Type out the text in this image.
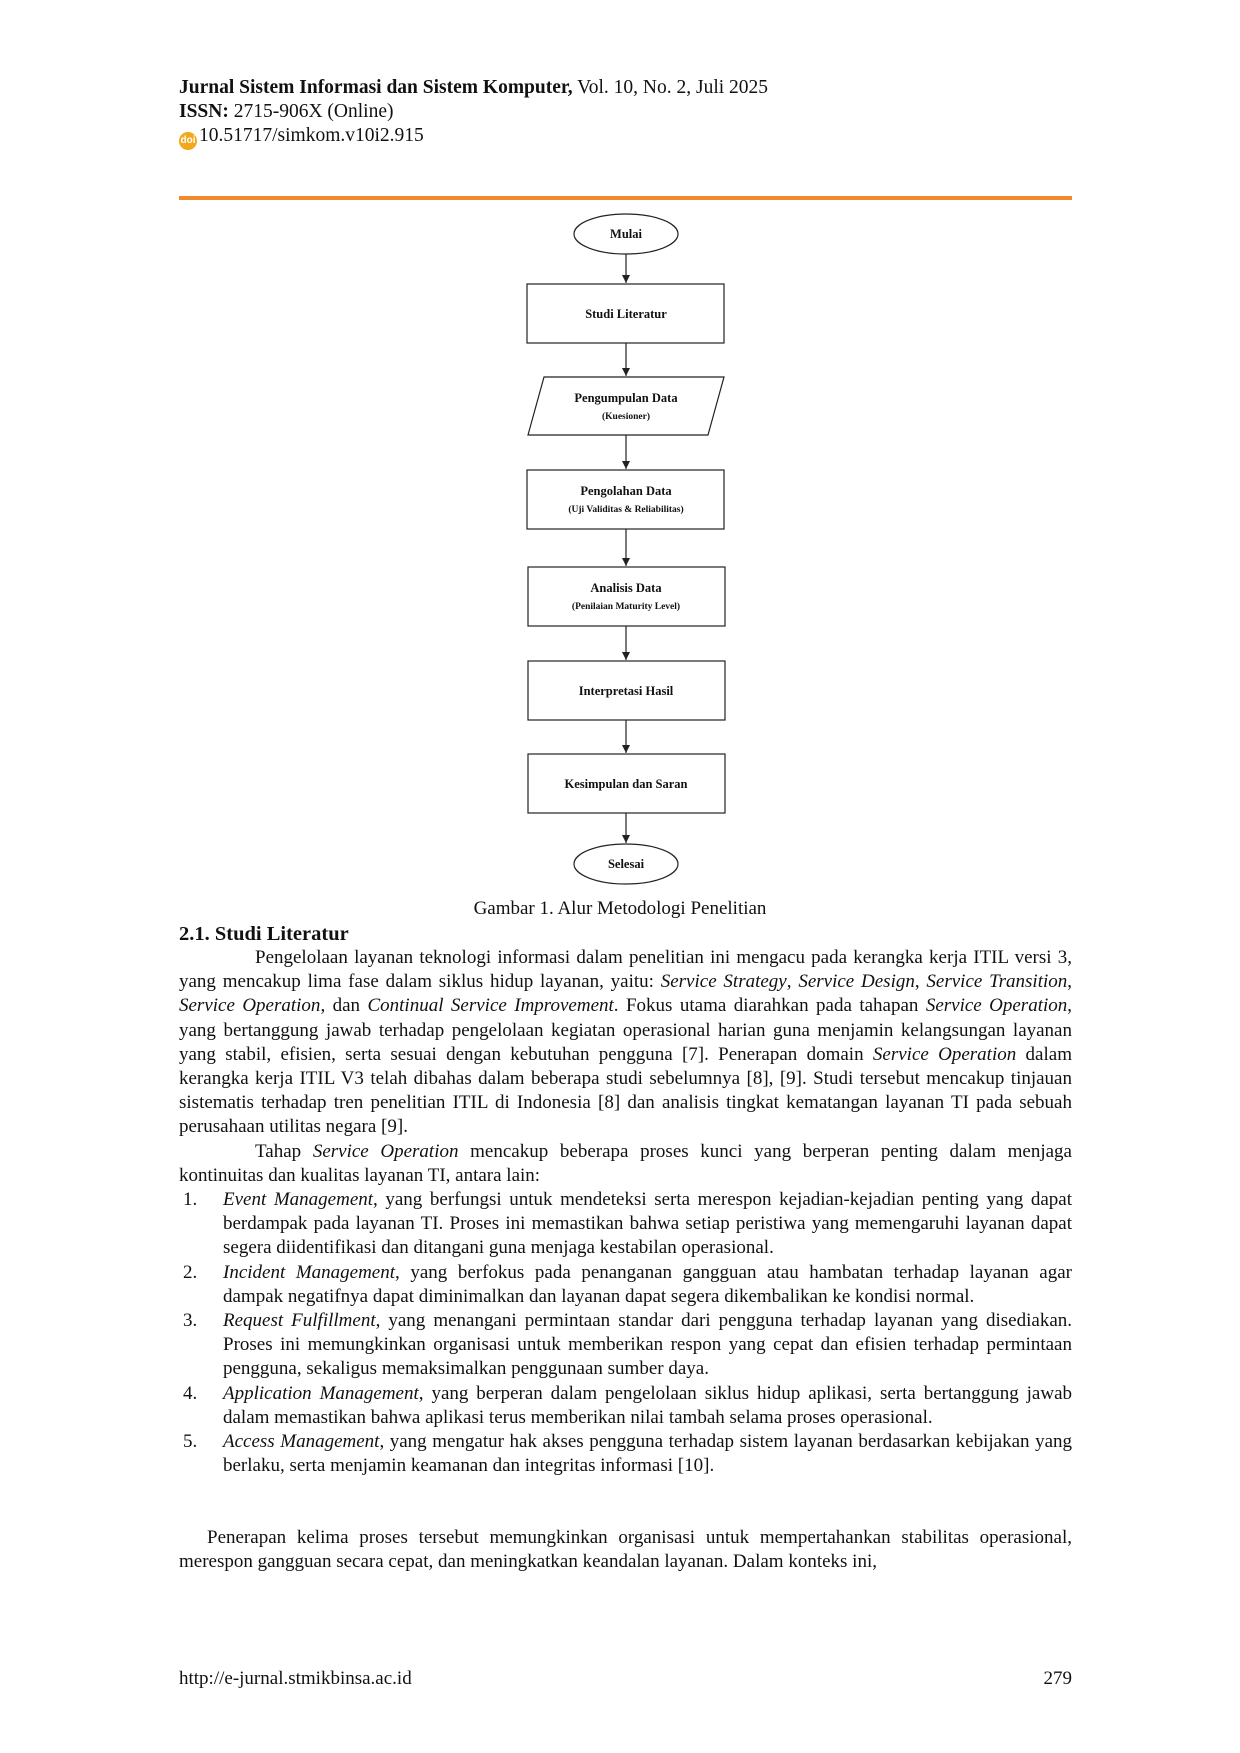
Jurnal Sistem Informasi dan Sistem Komputer, Vol. 10, No. 2, Juli 2025
ISSN: 2715-906X (Online)
doi 10.51717/simkom.v10i2.915
Mulai
Studi Literatur
Pengumpulan Data
(Kuesioner)
Pengolahan Data
(Uji Validitas & Reliabilitas)
Analisis Data
(Penilaian Maturity Level)
Interpretasi Hasil
Kesimpulan dan Saran
Selesai
Gambar 1. Alur Metodologi Penelitian
2.1. Studi Literatur
Pengelolaan layanan teknologi informasi dalam penelitian ini mengacu pada kerangka kerja ITIL versi 3, yang mencakup lima fase dalam siklus hidup layanan, yaitu: Service Strategy, Service Design, Service Transition, Service Operation, dan Continual Service Improvement. Fokus utama diarahkan pada tahapan Service Operation, yang bertanggung jawab terhadap pengelolaan kegiatan operasional harian guna menjamin kelangsungan layanan yang stabil, efisien, serta sesuai dengan kebutuhan pengguna [7]. Penerapan domain Service Operation dalam kerangka kerja ITIL V3 telah dibahas dalam beberapa studi sebelumnya [8], [9]. Studi tersebut mencakup tinjauan sistematis terhadap tren penelitian ITIL di Indonesia [8] dan analisis tingkat kematangan layanan TI pada sebuah perusahaan utilitas negara [9].
Tahap Service Operation mencakup beberapa proses kunci yang berperan penting dalam menjaga kontinuitas dan kualitas layanan TI, antara lain:
1. Event Management, yang berfungsi untuk mendeteksi serta merespon kejadian-kejadian penting yang dapat berdampak pada layanan TI. Proses ini memastikan bahwa setiap peristiwa yang memengaruhi layanan dapat segera diidentifikasi dan ditangani guna menjaga kestabilan operasional.
2. Incident Management, yang berfokus pada penanganan gangguan atau hambatan terhadap layanan agar dampak negatifnya dapat diminimalkan dan layanan dapat segera dikembalikan ke kondisi normal.
3. Request Fulfillment, yang menangani permintaan standar dari pengguna terhadap layanan yang disediakan. Proses ini memungkinkan organisasi untuk memberikan respon yang cepat dan efisien terhadap permintaan pengguna, sekaligus memaksimalkan penggunaan sumber daya.
4. Application Management, yang berperan dalam pengelolaan siklus hidup aplikasi, serta bertanggung jawab dalam memastikan bahwa aplikasi terus memberikan nilai tambah selama proses operasional.
5. Access Management, yang mengatur hak akses pengguna terhadap sistem layanan berdasarkan kebijakan yang berlaku, serta menjamin keamanan dan integritas informasi [10].
Penerapan kelima proses tersebut memungkinkan organisasi untuk mempertahankan stabilitas operasional, merespon gangguan secara cepat, dan meningkatkan keandalan layanan. Dalam konteks ini,
http://e-jurnal.stmikbinsa.ac.id	279
